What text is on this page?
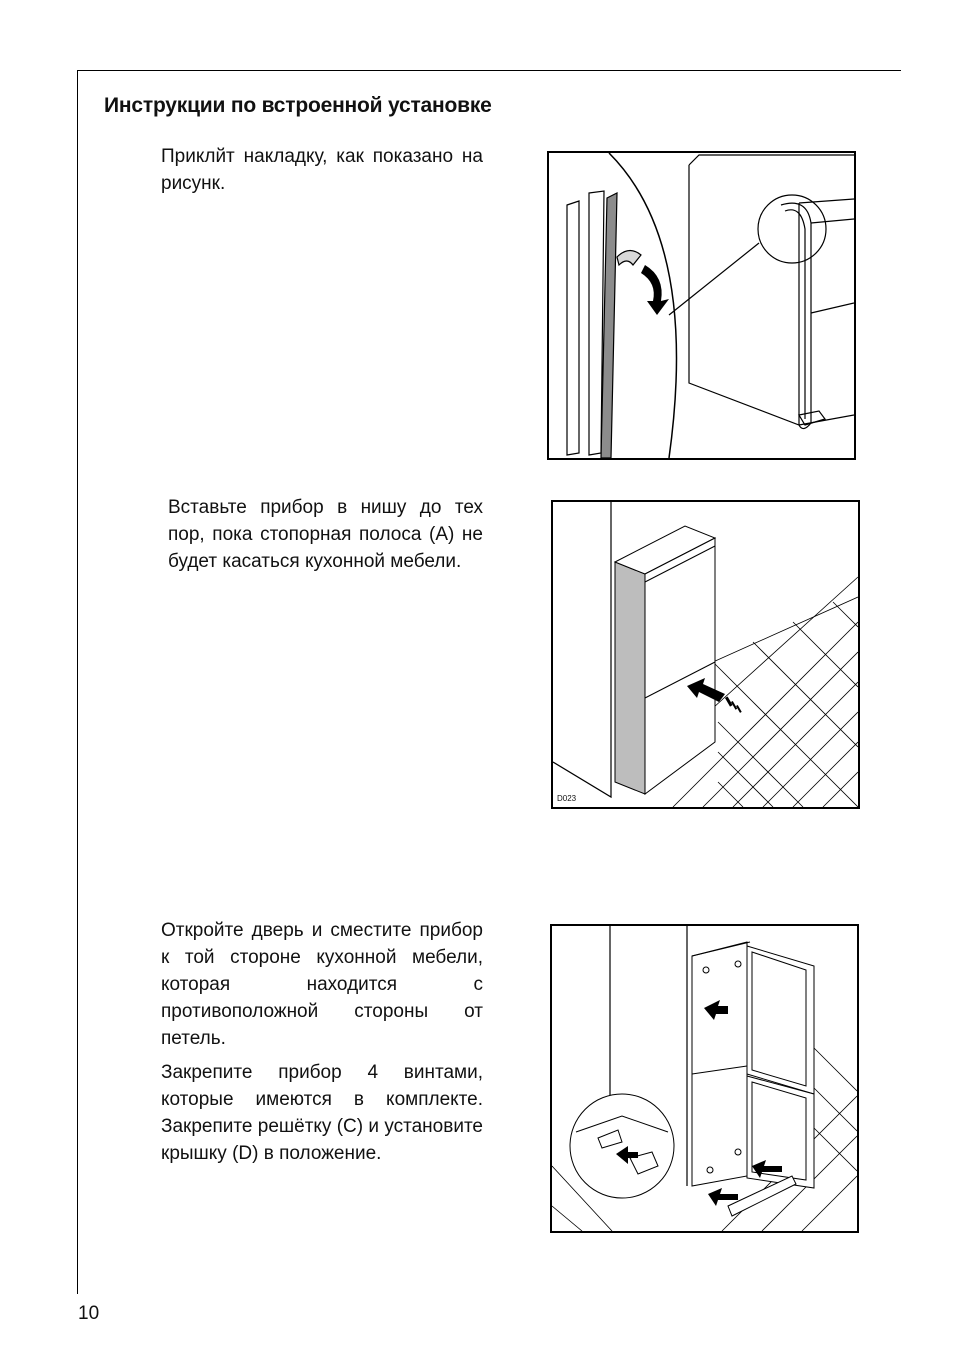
Инструкции по встроенной установке

Приклйт накладку, как показано на рисунк.

Вставьте прибор в нишу до тех пор, пока стопорная полоса (A) не будет касаться кухонной мебели.

Откройте дверь и сместите прибор к той стороне кухонной мебели, которая находится с противоположной стороны от петель.

Закрепите прибор 4 винтами, которые имеются в комплекте. Закрепите решётку (C) и установите крышку (D) в положение.

D023
10
